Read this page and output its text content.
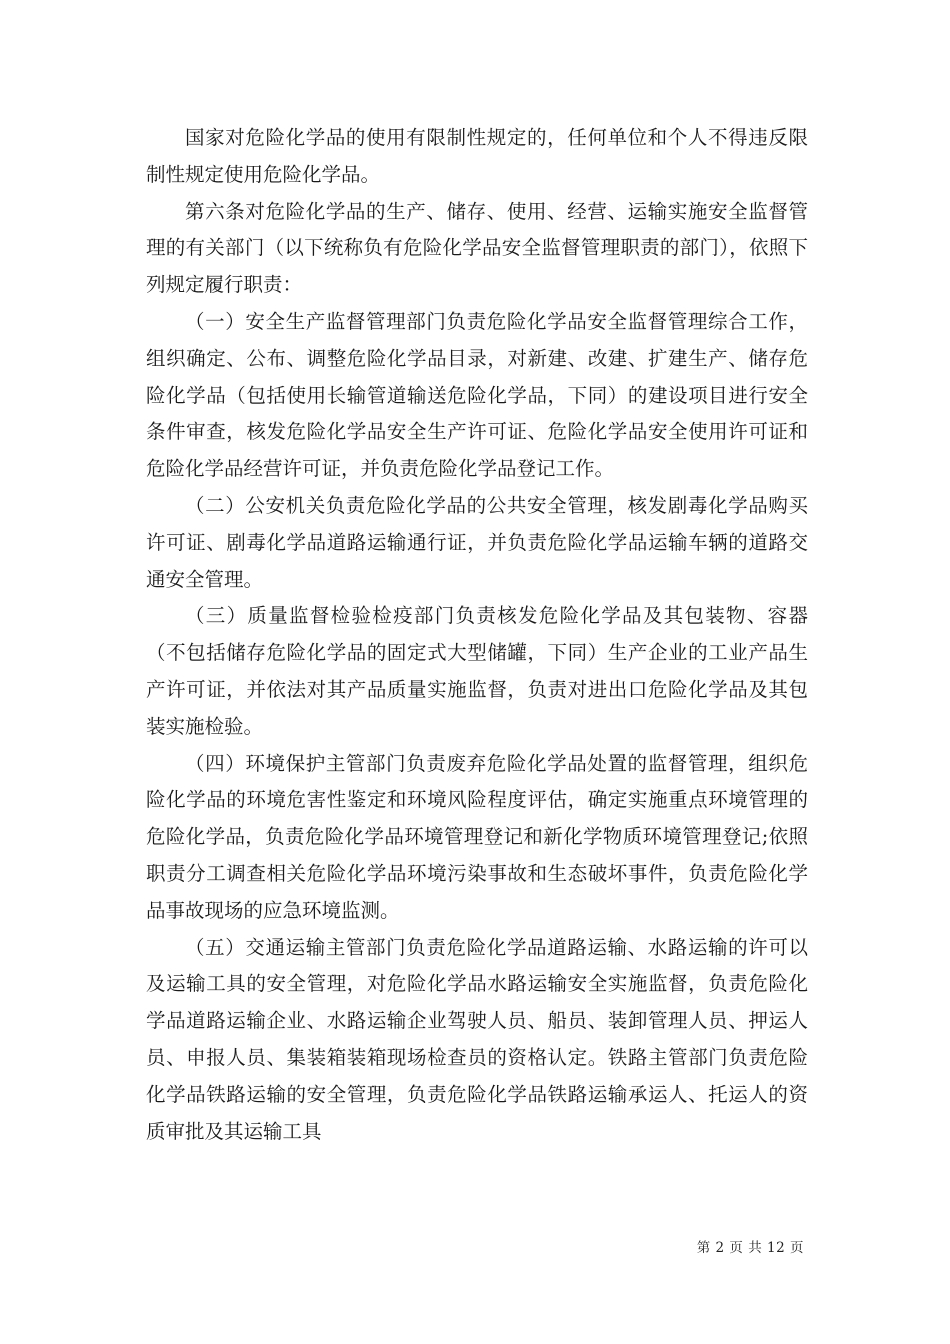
国家对危险化学品的使用有限制性规定的，任何单位和个人不得违反限制性规定使用危险化学品。

第六条对危险化学品的生产、储存、使用、经营、运输实施安全监督管理的有关部门（以下统称负有危险化学品安全监督管理职责的部门），依照下列规定履行职责：

（一）安全生产监督管理部门负责危险化学品安全监督管理综合工作，组织确定、公布、调整危险化学品目录，对新建、改建、扩建生产、储存危险化学品（包括使用长输管道输送危险化学品，下同）的建设项目进行安全条件审查，核发危险化学品安全生产许可证、危险化学品安全使用许可证和危险化学品经营许可证，并负责危险化学品登记工作。

（二）公安机关负责危险化学品的公共安全管理，核发剧毒化学品购买许可证、剧毒化学品道路运输通行证，并负责危险化学品运输车辆的道路交通安全管理。

（三）质量监督检验检疫部门负责核发危险化学品及其包装物、容器（不包括储存危险化学品的固定式大型储罐，下同）生产企业的工业产品生产许可证，并依法对其产品质量实施监督，负责对进出口危险化学品及其包装实施检验。

（四）环境保护主管部门负责废弃危险化学品处置的监督管理，组织危险化学品的环境危害性鉴定和环境风险程度评估，确定实施重点环境管理的危险化学品，负责危险化学品环境管理登记和新化学物质环境管理登记;依照职责分工调查相关危险化学品环境污染事故和生态破坏事件，负责危险化学品事故现场的应急环境监测。

（五）交通运输主管部门负责危险化学品道路运输、水路运输的许可以及运输工具的安全管理，对危险化学品水路运输安全实施监督，负责危险化学品道路运输企业、水路运输企业驾驶人员、船员、装卸管理人员、押运人员、申报人员、集装箱装箱现场检查员的资格认定。铁路主管部门负责危险化学品铁路运输的安全管理，负责危险化学品铁路运输承运人、托运人的资质审批及其运输工具

第 2 页 共 12 页
